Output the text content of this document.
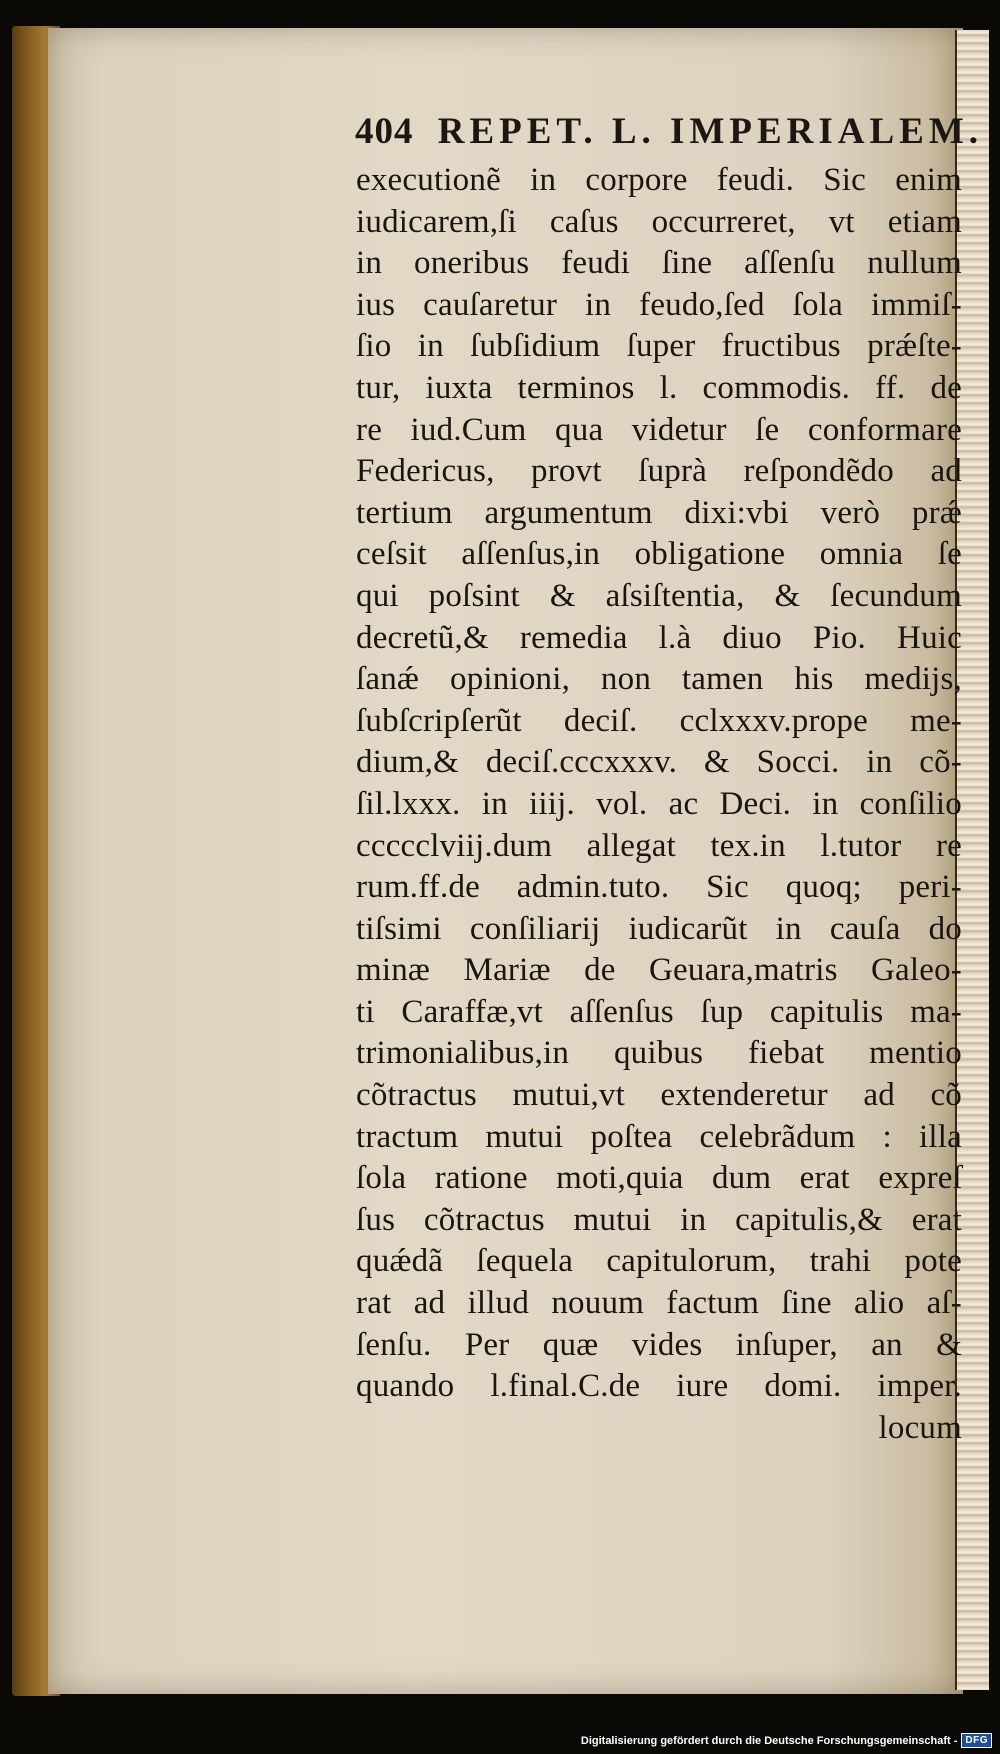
404 REPET. L. IMPERIALEM.
executionẽ in corpore feudi. Sic enim
iudicarem,ſi caſus occurreret, vt etiam
in oneribus feudi ſine aſſenſu nullum
ius cauſaretur in feudo,ſed ſola immiſ-
ſio in ſubſidium ſuper fructibus prǽſte-
tur, iuxta terminos l. commodis. ff. de
re iud.Cum qua videtur ſe conformare
Federicus, provt ſuprà reſpondẽdo ad
tertium argumentum dixi:vbi verò prǽ
ceſsit aſſenſus,in obligatione omnia ſe
qui poſsint & aſsiſtentia, & ſecundum
decretũ,& remedia l.à diuo Pio. Huic
ſanǽ opinioni, non tamen his medijs,
ſubſcripſerũt deciſ. cclxxxv.prope me-
dium,& deciſ.cccxxxv. & Socci. in cõ-
ſil.lxxx. in iiij. vol. ac Deci. in conſilio
ccccclviij.dum allegat tex.in l.tutor re
rum.ff.de admin.tuto. Sic quoq; peri-
tiſsimi conſiliarij iudicarũt in cauſa do
minæ Mariæ de Geuara,matris Galeo-
ti Caraffæ,vt aſſenſus ſup capitulis ma-
trimonialibus,in quibus fiebat mentio
cõtractus mutui,vt extenderetur ad cõ
tractum mutui poſtea celebrãdum : illa
ſola ratione moti,quia dum erat expreſ
ſus cõtractus mutui in capitulis,& erat
quǽdã ſequela capitulorum, trahi pote
rat ad illud nouum factum ſine alio aſ-
ſenſu. Per quæ vides inſuper, an &
quando l.final.C.de iure domi. imper.
locum
Digitalisierung gefördert durch die Deutsche Forschungsgemeinschaft - DFG
